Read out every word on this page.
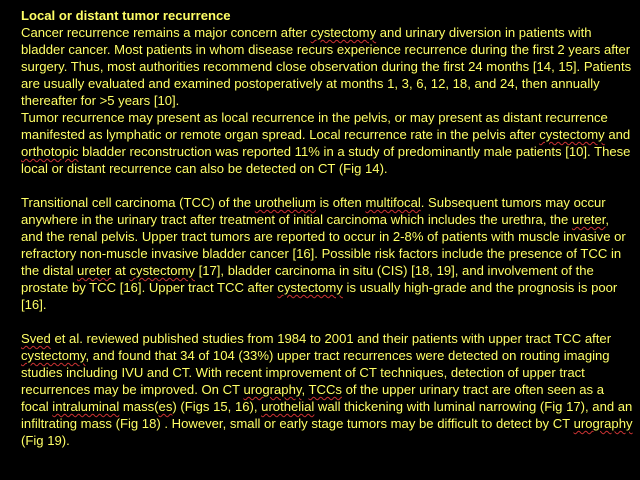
Local or distant tumor recurrence

Cancer recurrence remains a major concern after cystectomy and urinary diversion in patients with bladder cancer. Most patients in whom disease recurs experience recurrence during the first 2 years after surgery. Thus, most authorities recommend close observation during the first 24 months [14, 15]. Patients are usually evaluated and examined postoperatively at months 1, 3, 6, 12, 18, and 24, then annually thereafter for >5 years [10].

Tumor recurrence may present as local recurrence in the pelvis, or may present as distant recurrence manifested as lymphatic or remote organ spread. Local recurrence rate in the pelvis after cystectomy and orthotopic bladder reconstruction was reported 11% in a study of predominantly male patients [10]. These local or distant recurrence can also be detected on CT (Fig 14).

Transitional cell carcinoma (TCC) of the urothelium is often multifocal. Subsequent tumors may occur anywhere in the urinary tract after treatment of initial carcinoma which includes the urethra, the ureter, and the renal pelvis. Upper tract tumors are reported to occur in 2-8% of patients with muscle invasive or refractory non-muscle invasive bladder cancer [16]. Possible risk factors include the presence of TCC in the distal ureter at cystectomy [17], bladder carcinoma in situ (CIS) [18, 19], and involvement of the prostate by TCC [16]. Upper tract TCC after cystectomy is usually high-grade and the prognosis is poor [16].

Sved et al. reviewed published studies from 1984 to 2001 and their patients with upper tract TCC after cystectomy, and found that 34 of 104 (33%) upper tract recurrences were detected on routing imaging studies including IVU and CT. With recent improvement of CT techniques, detection of upper tract recurrences may be improved. On CT urography, TCCs of the upper urinary tract are often seen as a focal intraluminal mass(es) (Figs 15, 16), urothelial wall thickening with luminal narrowing (Fig 17), and an infiltrating mass (Fig 18) . However, small or early stage tumors may be difficult to detect by CT urography (Fig 19).
